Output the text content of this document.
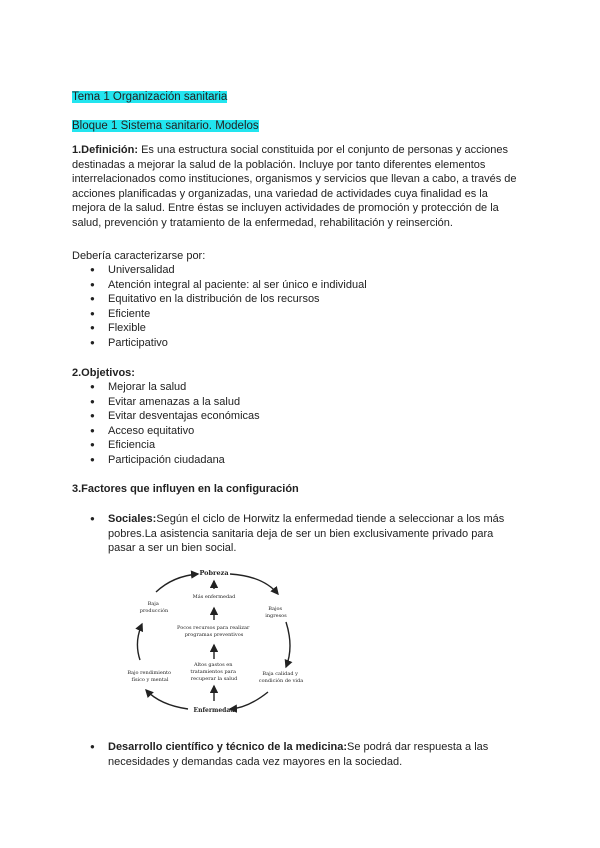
Tema 1 Organización sanitaria

Bloque 1 Sistema sanitario. Modelos

1.Definición: Es una estructura social constituida por el conjunto de personas y acciones destinadas a mejorar la salud de la población. Incluye por tanto diferentes elementos interrelacionados como instituciones, organismos y servicios que llevan a cabo, a través de acciones planificadas y organizadas, una variedad de actividades cuya finalidad es la mejora de la salud. Entre éstas se incluyen actividades de promoción y protección de la salud, prevención y tratamiento de la enfermedad, rehabilitación y reinserción.

Debería caracterizarse por:

● Universalidad
● Atención integral al paciente: al ser único e individual
● Equitativo en la distribución de los recursos
● Eficiente
● Flexible
● Participativo

2.Objetivos:

● Mejorar la salud
● Evitar amenazas a la salud
● Evitar desventajas económicas
● Acceso equitativo
● Eficiencia
● Participación ciudadana

3.Factores que influyen en la configuración

● Sociales:Según el ciclo de Horwitz la enfermedad tiende a seleccionar a los más pobres.La asistencia sanitaria deja de ser un bien exclusivamente privado para pasar a ser un bien social.
Pobreza
Más enfermedad
Bajos ingresos
Baja producción
Pocos recursos para realizar programas preventivos
Bajo rendimiento físico y mental
Baja calidad y condición de vida
Altos gastos en tratamientos para recuperar la salud
Enfermedad
● Desarrollo científico y técnico de la medicina:Se podrá dar respuesta a las necesidades y demandas cada vez mayores en la sociedad.
